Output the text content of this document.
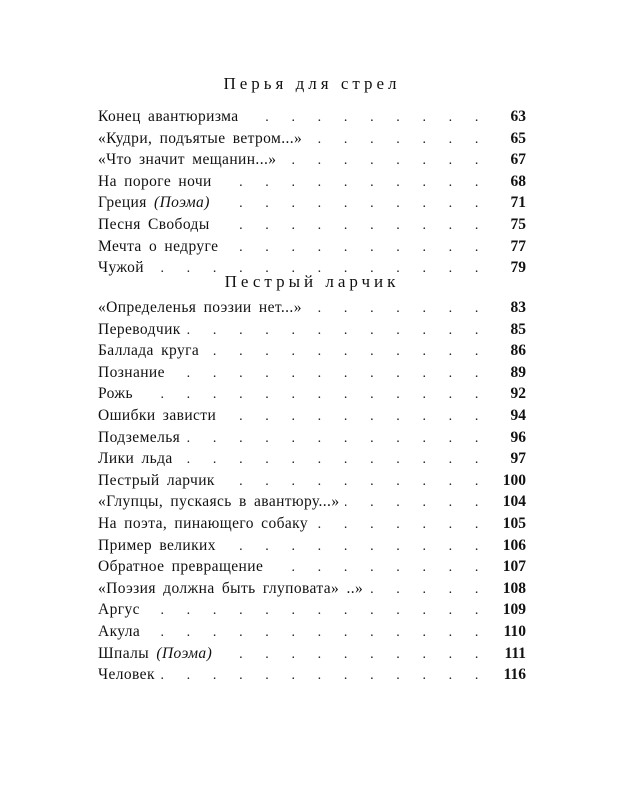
Перья для стрел
Конец авантюризма . . .	63
«Кудри, подъятые ветром...» . . .	65
«Что значит мещанин...» . . .	67
На пороге ночи . . .	68
Греция (Поэма) . . .	71
Песня Свободы . . .	75
Мечта о недруге . . .	77
Чужой . . .	79
Пестрый ларчик
«Определенья поэзии нет...» . . .	83
Переводчик . . .	85
Баллада круга . . .	86
Познание . . .	89
Рожь . . .	92
Ошибки зависти . . .	94
Подземелья . . .	96
Лики льда . . .	97
Пестрый ларчик . . .	100
«Глупцы, пускаясь в авантюру...» . . .	104
На поэта, пинающего собаку . . .	105
Пример великих . . .	106
Обратное превращение . . .	107
«Поэзия должна быть глуповата» ..» . . .	108
Аргус . . .	109
Акула . . .	110
Шпалы (Поэма) . . .	111
Человек . . .	116
